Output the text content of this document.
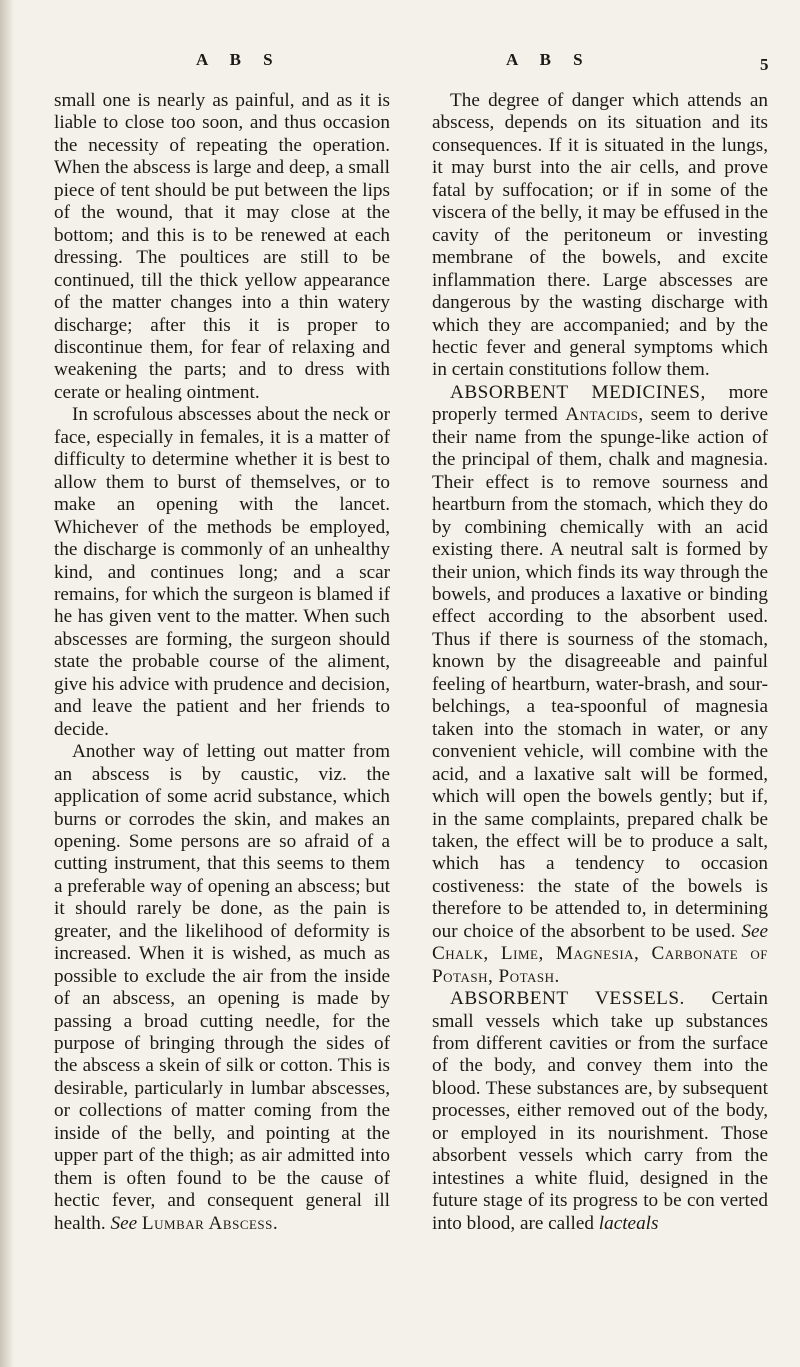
A B S	A B S	5

small one is nearly as painful, and as it is liable to close too soon, and thus occasion the necessity of repeating the operation. When the abscess is large and deep, a small piece of tent should be put between the lips of the wound, that it may close at the bottom; and this is to be renewed at each dressing. The poultices are still to be continued, till the thick yellow appearance of the matter changes into a thin watery discharge; after this it is proper to discontinue them, for fear of relaxing and weakening the parts; and to dress with cerate or healing ointment.

In scrofulous abscesses about the neck or face, especially in females, it is a matter of difficulty to determine whether it is best to allow them to burst of themselves, or to make an opening with the lancet. Whichever of the methods be employed, the discharge is commonly of an unhealthy kind, and continues long; and a scar remains, for which the surgeon is blamed if he has given vent to the matter. When such abscesses are forming, the surgeon should state the probable course of the aliment, give his advice with prudence and decision, and leave the patient and her friends to decide.

Another way of letting out matter from an abscess is by caustic, viz. the application of some acrid substance, which burns or corrodes the skin, and makes an opening. Some persons are so afraid of a cutting instrument, that this seems to them a preferable way of opening an abscess; but it should rarely be done, as the pain is greater, and the likelihood of deformity is increased. When it is wished, as much as possible to exclude the air from the inside of an abscess, an opening is made by passing a broad cutting needle, for the purpose of bringing through the sides of the abscess a skein of silk or cotton. This is desirable, particularly in lumbar abscesses, or collections of matter coming from the inside of the belly, and pointing at the upper part of the thigh; as air admitted into them is often found to be the cause of hectic fever, and consequent general ill health. See Lumbar Abscess.

The degree of danger which attends an abscess, depends on its situation and its consequences. If it is situated in the lungs, it may burst into the air cells, and prove fatal by suffocation; or if in some of the viscera of the belly, it may be effused in the cavity of the peritoneum or investing membrane of the bowels, and excite inflammation there. Large abscesses are dangerous by the wasting discharge with which they are accompanied; and by the hectic fever and general symptoms which in certain constitutions follow them.

ABSORBENT MEDICINES, more properly termed Antacids, seem to derive their name from the spunge-like action of the principal of them, chalk and magnesia. Their effect is to remove sourness and heartburn from the stomach, which they do by combining chemically with an acid existing there. A neutral salt is formed by their union, which finds its way through the bowels, and produces a laxative or binding effect according to the absorbent used. Thus if there is sourness of the stomach, known by the disagreeable and painful feeling of heartburn, water-brash, and sour-belchings, a tea-spoonful of magnesia taken into the stomach in water, or any convenient vehicle, will combine with the acid, and a laxative salt will be formed, which will open the bowels gently; but if, in the same complaints, prepared chalk be taken, the effect will be to produce a salt, which has a tendency to occasion costiveness: the state of the bowels is therefore to be attended to, in determining our choice of the absorbent to be used. See Chalk, Lime, Magnesia, Carbonate of Potash, Potash.

ABSORBENT VESSELS. Certain small vessels which take up substances from different cavities or from the surface of the body, and convey them into the blood. These substances are, by subsequent processes, either removed out of the body, or employed in its nourishment. Those absorbent vessels which carry from the intestines a white fluid, designed in the future stage of its progress to be con verted into blood, are called lacteals
